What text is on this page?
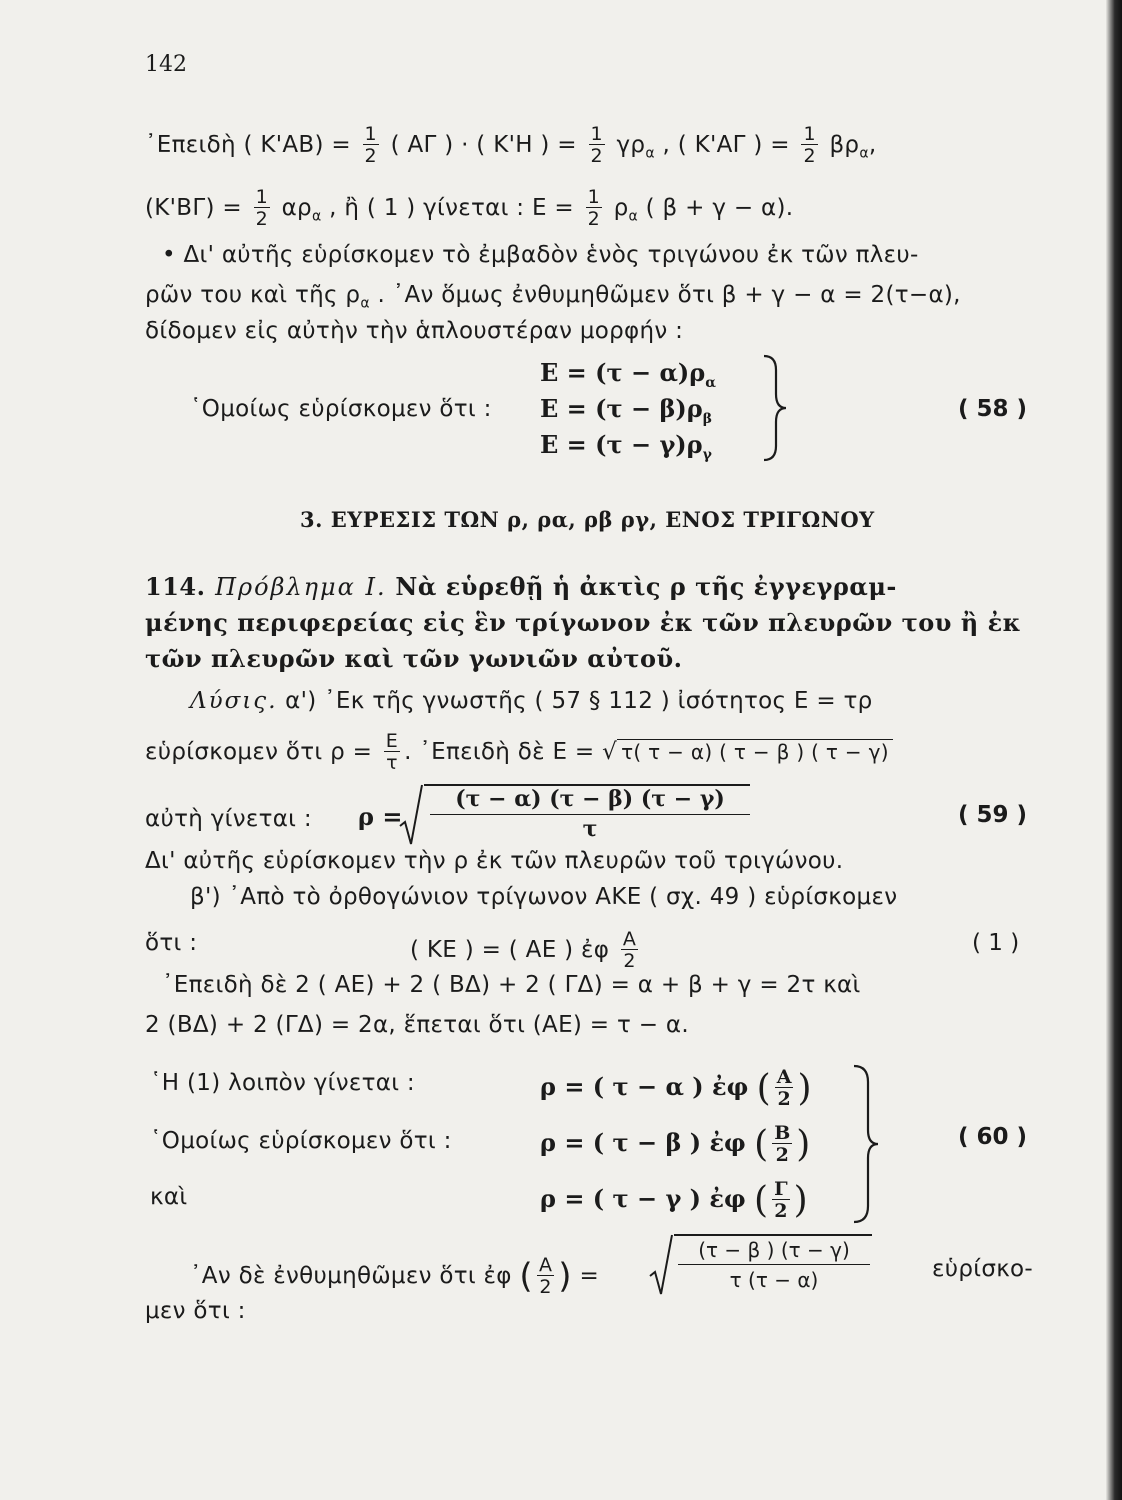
142
᾿Επειδὴ ( $K'AB) = \frac{1}{2}$ ( ΑΓ ) · ( Κ'Η ) = $\frac{1}{2} \gamma\rho_\alpha$ , ( Κ'ΑΓ ) = $\frac{1}{2} \beta\rho_\alpha$,
$(K'B\Gamma) = \frac{1}{2} \alpha\rho_\alpha$ , ἢ ( 1 ) γίνεται : $E = \frac{1}{2} \rho_\alpha$ ( β + γ − α).
• Δι' αὐτῆς εὑρίσκομεν τὸ ἐμβαδὸν ἑνὸς τριγώνου ἐκ τῶν πλευ-
ρῶν του καὶ τῆς $\rho_\alpha$ . ᾽Αν ὅμως ἐνθυμηθῶμεν ὅτι β + γ − α = 2(τ−α),
δίδομεν εἰς αὐτὴν τὴν ἁπλουστέραν μορφήν :
$E = (\tau - \alpha)\rho_\alpha$
῾Ομοίως εὑρίσκομεν ὅτι : $E = (\tau - \beta)\rho_\beta$
$E = (\tau - \gamma)\rho_\gamma$
( 58 )
3. ΕΥΡΕΣΙΣ ΤΩΝ ρ, ρα, ρβ ργ, ΕΝΟΣ ΤΡΙΓΩΝΟΥ
114. Πρόβλημα Ι. Νὰ εὑρεθῇ ἡ ἀκτὶς ρ τῆς ἐγγεγραμ-
μένης περιφερείας εἰς ἓν τρίγωνον ἐκ τῶν πλευρῶν του ἢ ἐκ
τῶν πλευρῶν καὶ τῶν γωνιῶν αὐτοῦ.
Λύσις. α') ᾿Εκ τῆς γνωστῆς ( 57 § 112 ) ἰσότητος Ε = τρ
εὑρίσκομεν ὅτι $\rho = \frac{E}{\tau}$ . ᾿Επειδὴ δὲ Ε = √ τ( τ − α) ( τ − β ) ( τ − γ)
αὐτὴ γίνεται : ρ =
(τ − α) (τ − β) (τ − γ)
τ
( 59 )
Δι' αὐτῆς εὑρίσκομεν τὴν ρ ἐκ τῶν πλευρῶν τοῦ τριγώνου.
β') ᾽Απὸ τὸ ὀρθογώνιον τρίγωνον ΑΚΕ ( σχ. 49 ) εὑρίσκομεν
ὅτι :	( ΚΕ ) = ( ΑΕ ) ἐφ $\frac{A}{2}$	( 1 )
᾿Επειδὴ δὲ 2 ( ΑΕ) + 2 ( ΒΔ) + 2 ( ΓΔ) = α + β + γ = 2τ καὶ
2 (ΒΔ) + 2 (ΓΔ) = 2α, ἕπεται ὅτι (ΑΕ) = τ − α.
῾Η (1) λοιπὸν γίνεται :	ρ = ( τ − α ) ἐφ ( $\frac{A}{2}$ )
῾Ομοίως εὑρίσκομεν ὅτι :	ρ = ( τ − β ) ἐφ ( $\frac{B}{2}$ )
καὶ	ρ = ( τ − γ ) ἐφ ( $\frac{\Gamma}{2}$ )
( 60 )
᾽Αν δὲ ἐνθυμηθῶμεν ὅτι ἐφ ( $\frac{A}{2}$ ) =
(τ − β ) (τ − γ)
τ (τ − α)	εὑρίσκο-
μεν ὅτι :
